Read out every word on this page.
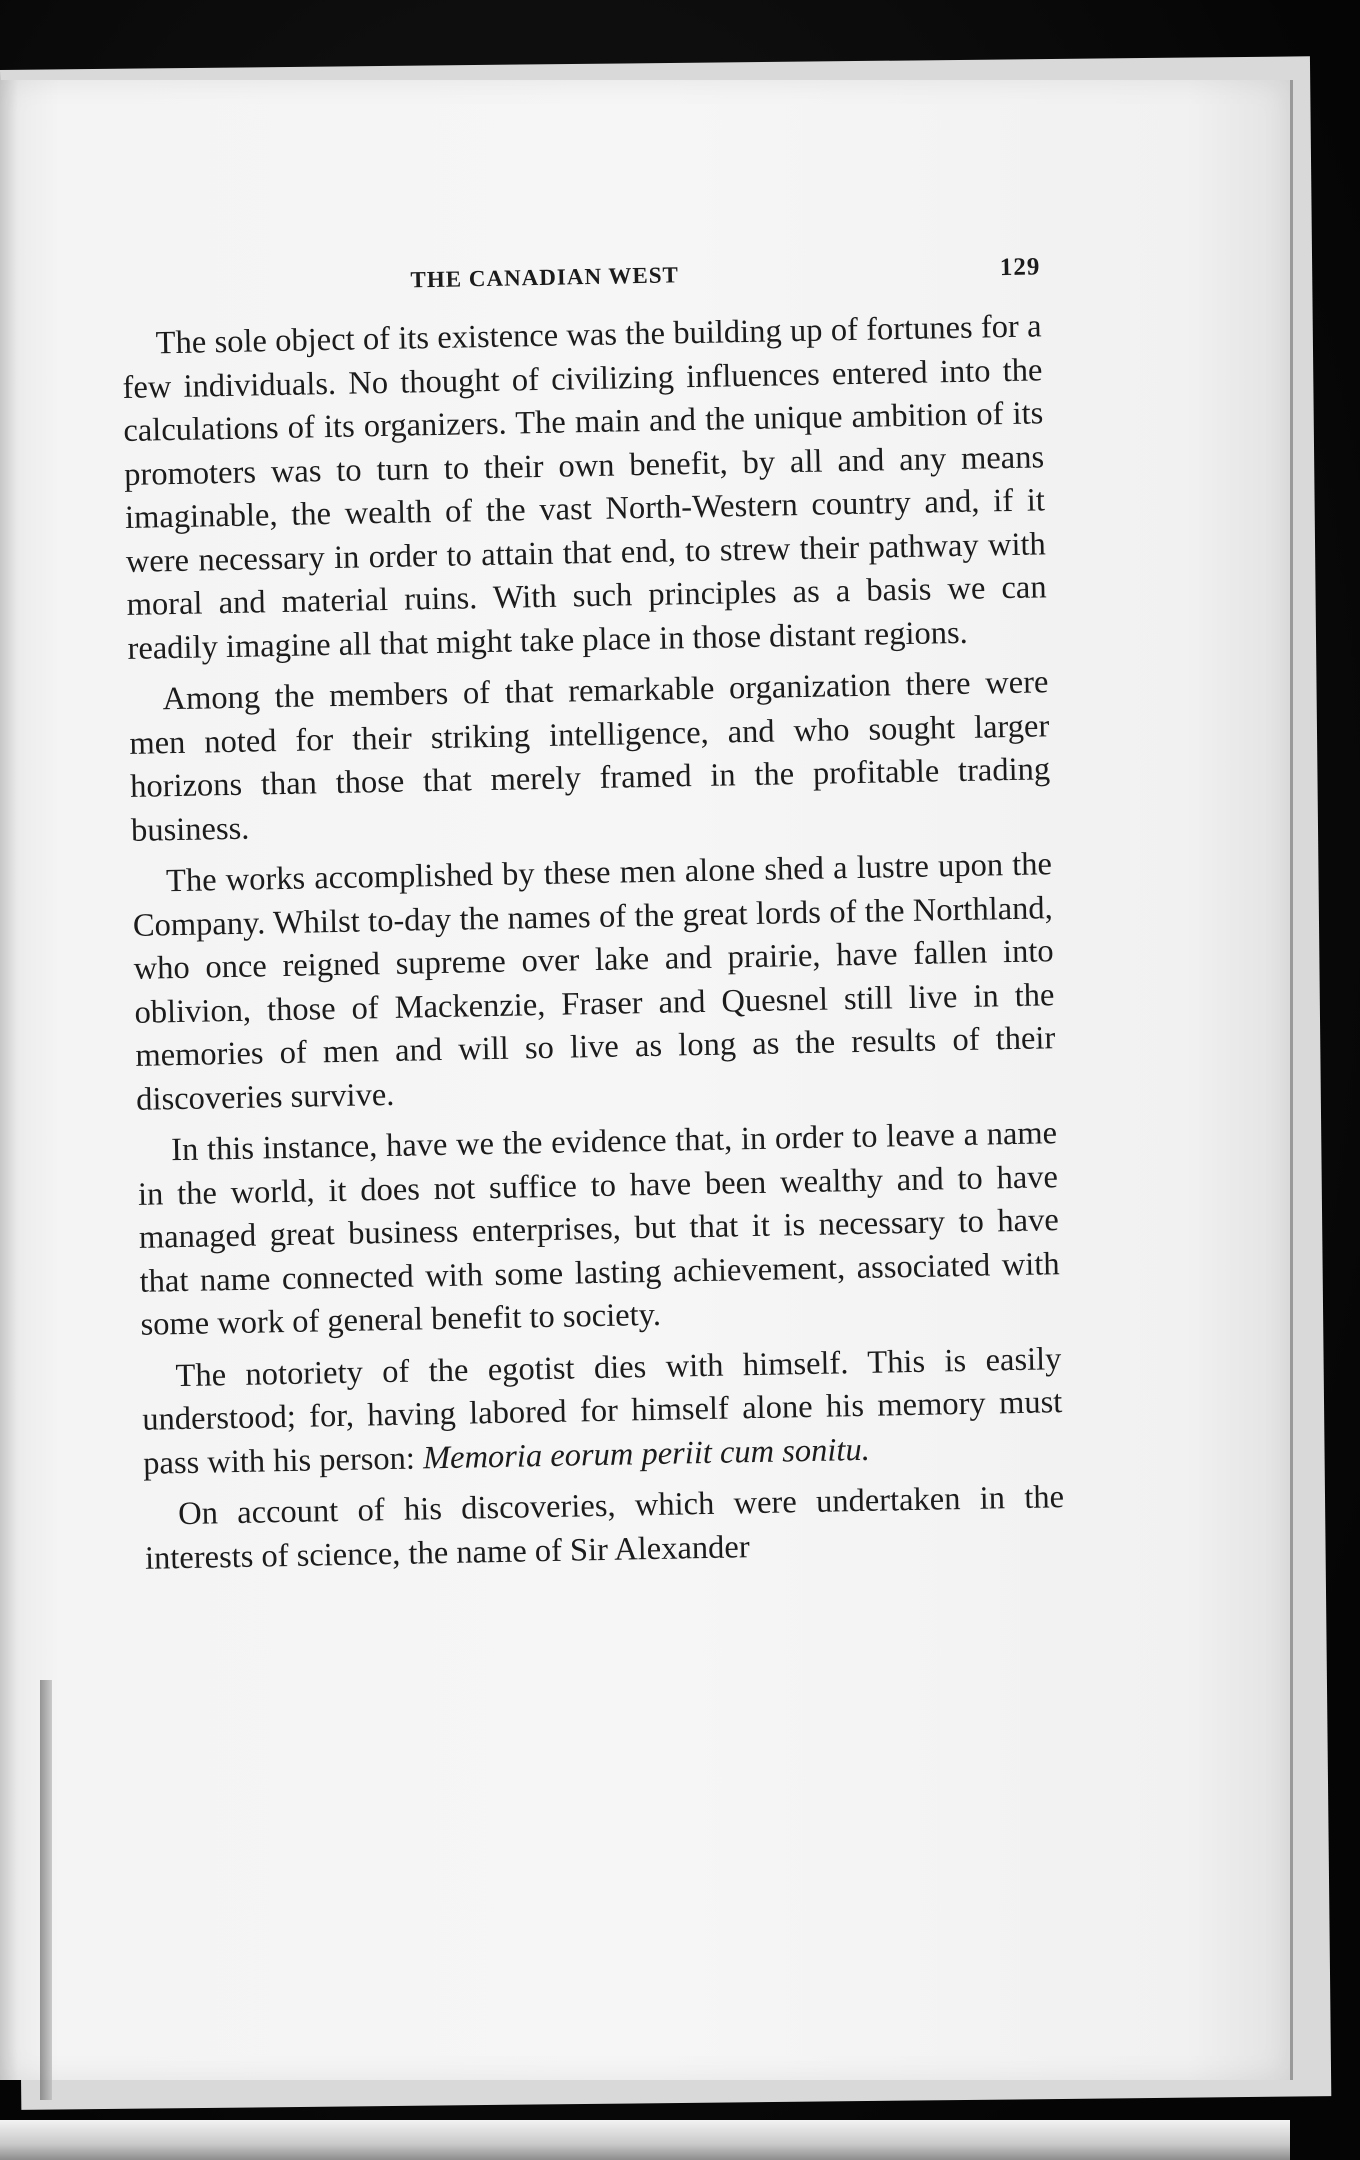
THE CANADIAN WEST	129

The sole object of its existence was the building up of fortunes for a few individuals. No thought of civilizing influences entered into the calculations of its organizers. The main and the unique ambition of its promoters was to turn to their own benefit, by all and any means imaginable, the wealth of the vast North-Western country and, if it were necessary in order to attain that end, to strew their pathway with moral and material ruins. With such principles as a basis we can readily imagine all that might take place in those distant regions.

Among the members of that remarkable organization there were men noted for their striking intelligence, and who sought larger horizons than those that merely framed in the profitable trading business.

The works accomplished by these men alone shed a lustre upon the Company. Whilst to-day the names of the great lords of the Northland, who once reigned supreme over lake and prairie, have fallen into oblivion, those of Mackenzie, Fraser and Quesnel still live in the memories of men and will so live as long as the results of their discoveries survive.

In this instance, have we the evidence that, in order to leave a name in the world, it does not suffice to have been wealthy and to have managed great business enterprises, but that it is necessary to have that name connected with some lasting achievement, associated with some work of general benefit to society.

The notoriety of the egotist dies with himself. This is easily understood; for, having labored for himself alone his memory must pass with his person: Memoria eorum periit cum sonitu.

On account of his discoveries, which were undertaken in the interests of science, the name of Sir Alexander
